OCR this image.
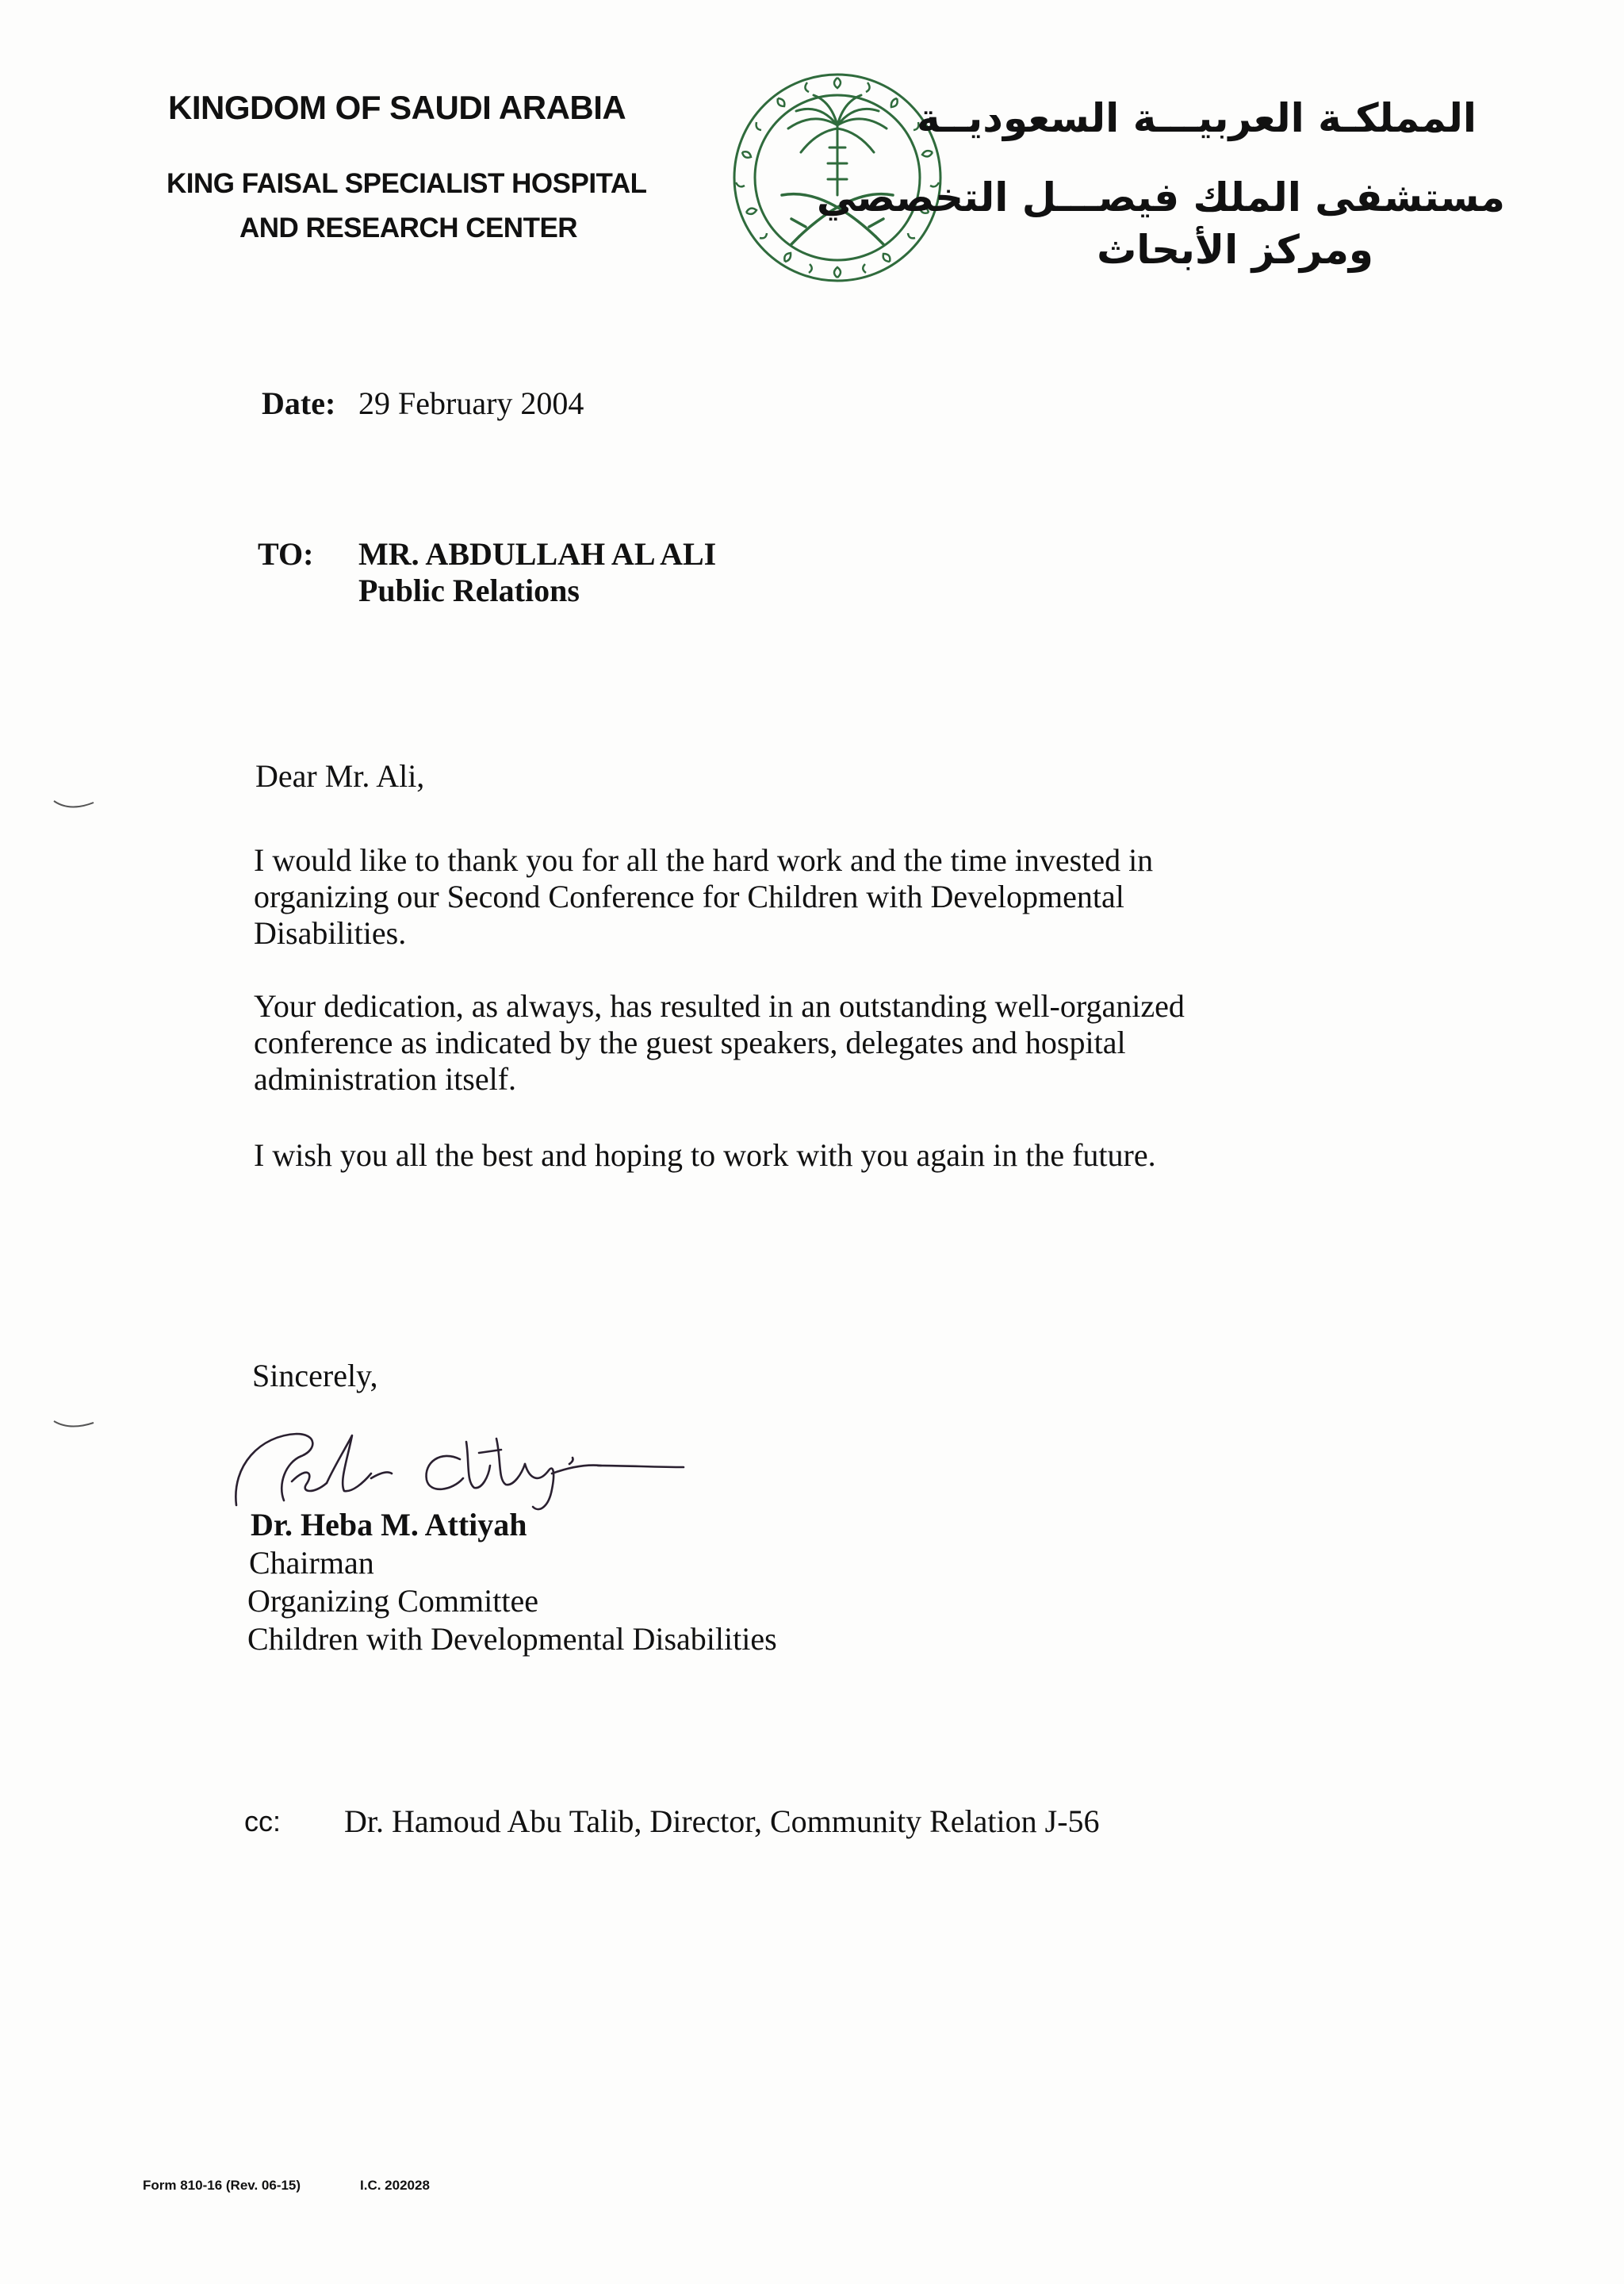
KINGDOM OF SAUDI ARABIA
KING FAISAL SPECIALIST HOSPITAL
AND RESEARCH CENTER
المملكـة العربيـــة السعوديــة
مستشفى الملك فيصـــل التخصصي
ومركز الأبحاث
Date: 29 February 2004
TO: MR. ABDULLAH AL ALI
Public Relations
Dear Mr. Ali,
I would like to thank you for all the hard work and the time invested in
organizing our Second Conference for Children with Developmental
Disabilities.
Your dedication, as always, has resulted in an outstanding well-organized
conference as indicated by the guest speakers, delegates and hospital
administration itself.
I wish you all the best and hoping to work with you again in the future.
Sincerely,
Dr. Heba M. Attiyah
Chairman
Organizing Committee
Children with Developmental Disabilities
cc: Dr. Hamoud Abu Talib, Director, Community Relation J-56
Form 810-16 (Rev. 06-15)	I.C. 202028
